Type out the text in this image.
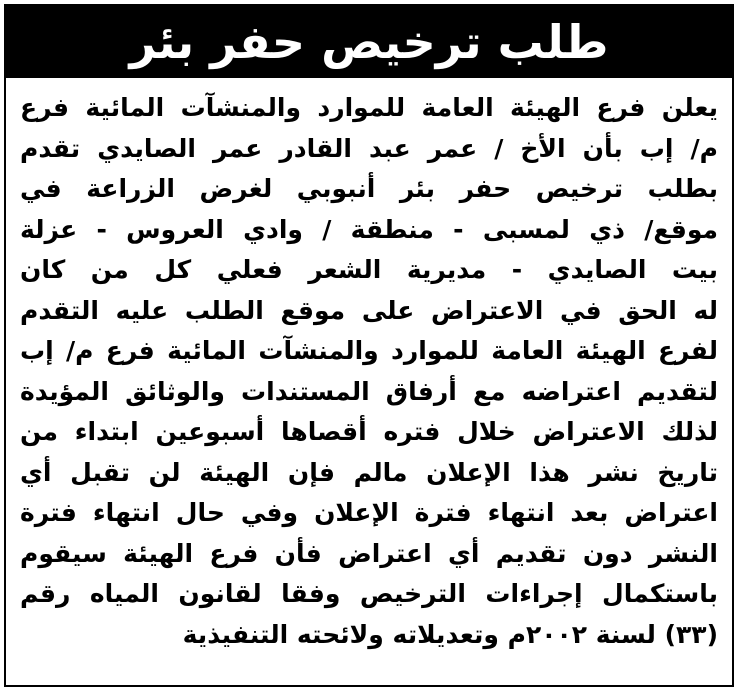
طلب ترخيص حفر بئر
يعلن فرع الهيئة العامة للموارد والمنشآت المائية فرع
م/ إب بأن الأخ / عمر عبد القادر عمر الصايدي تقدم
بطلب ترخيص حفر بئر أنبوبي لغرض الزراعة في
موقع/ ذي لمسبى - منطقة / وادي العروس - عزلة
بيت الصايدي - مديرية الشعر فعلي كل من كان
له الحق في الاعتراض على موقع الطلب عليه التقدم
لفرع الهيئة العامة للموارد والمنشآت المائية فرع م/ إب
لتقديم اعتراضه مع أرفاق المستندات والوثائق المؤيدة
لذلك الاعتراض خلال فتره أقصاها أسبوعين ابتداء من
تاريخ نشر هذا الإعلان مالم فإن الهيئة لن تقبل أي
اعتراض بعد انتهاء فترة الإعلان وفي حال انتهاء فترة
النشر دون تقديم أي اعتراض فأن فرع الهيئة سيقوم
باستكمال إجراءات الترخيص وفقا لقانون المياه رقم
(٣٣) لسنة ٢٠٠٢م وتعديلاته ولائحته التنفيذية
